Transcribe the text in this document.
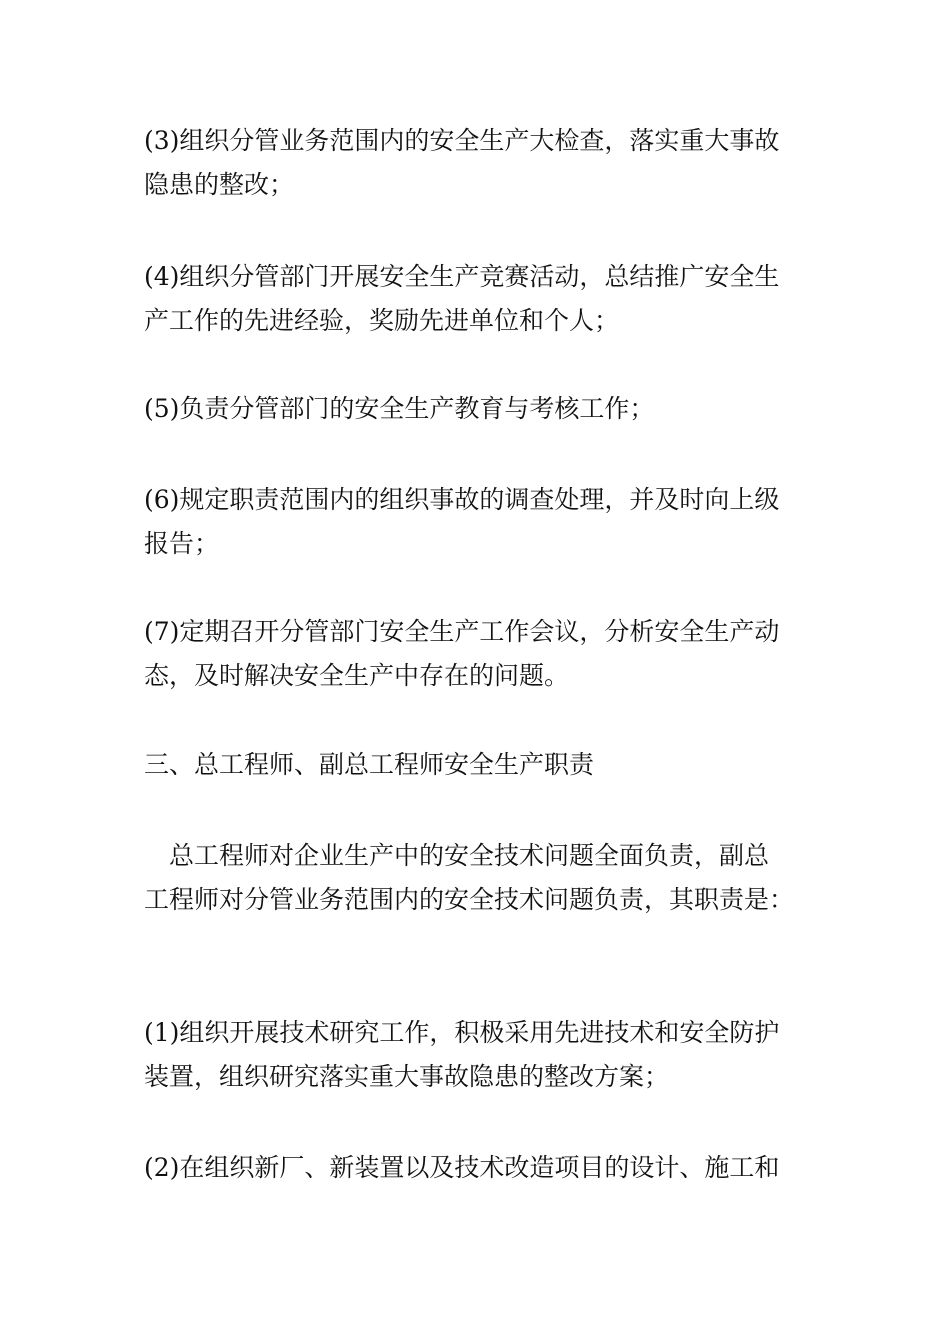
(3)组织分管业务范围内的安全生产大检查，落实重大事故
隐患的整改；

(4)组织分管部门开展安全生产竞赛活动，总结推广安全生
产工作的先进经验，奖励先进单位和个人；

(5)负责分管部门的安全生产教育与考核工作；

(6)规定职责范围内的组织事故的调查处理，并及时向上级
报告；

(7)定期召开分管部门安全生产工作会议，分析安全生产动
态，及时解决安全生产中存在的问题。

三、总工程师、副总工程师安全生产职责

　总工程师对企业生产中的安全技术问题全面负责，副总
工程师对分管业务范围内的安全技术问题负责，其职责是：

(1)组织开展技术研究工作，积极采用先进技术和安全防护
装置，组织研究落实重大事故隐患的整改方案；

(2)在组织新厂、新装置以及技术改造项目的设计、施工和
